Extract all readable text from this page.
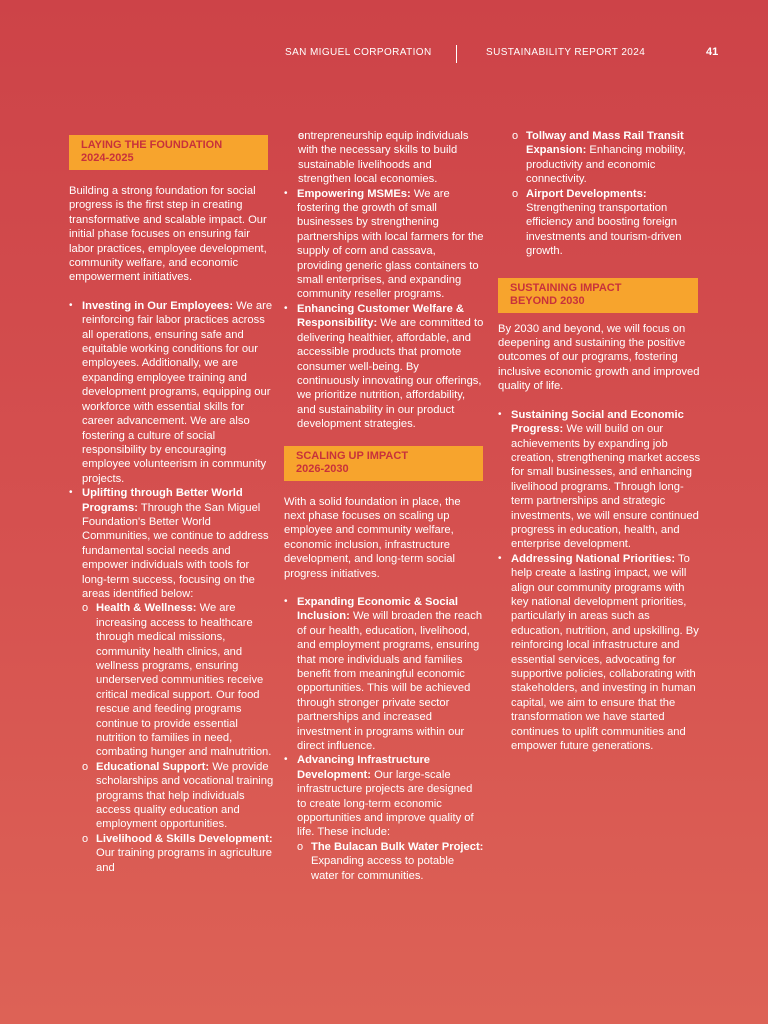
SAN MIGUEL CORPORATION	SUSTAINABILITY REPORT 2024	41
LAYING THE FOUNDATION
2024-2025

Building a strong foundation for social progress is the first step in creating transformative and scalable impact. Our initial phase focuses on ensuring fair labor practices, employee development, community welfare, and economic empowerment initiatives.

• Investing in Our Employees: We are reinforcing fair labor practices across all operations, ensuring safe and equitable working conditions for our employees. Additionally, we are expanding employee training and development programs, equipping our workforce with essential skills for career advancement. We are also fostering a culture of social responsibility by encouraging employee volunteerism in community projects.
• Uplifting through Better World Programs: Through the San Miguel Foundation's Better World Communities, we continue to address fundamental social needs and empower individuals with tools for long-term success, focusing on the areas identified below:
o Health & Wellness: We are increasing access to healthcare through medical missions, community health clinics, and wellness programs, ensuring underserved communities receive critical medical support. Our food rescue and feeding programs continue to provide essential nutrition to families in need, combating hunger and malnutrition.
o Educational Support: We provide scholarships and vocational training programs that help individuals access quality education and employment opportunities.
o Livelihood & Skills Development: Our training programs in agriculture and
o entrepreneurship equip individuals with the necessary skills to build sustainable livelihoods and strengthen local economies.
• Empowering MSMEs: We are fostering the growth of small businesses by strengthening partnerships with local farmers for the supply of corn and cassava, providing generic glass containers to small enterprises, and expanding community reseller programs.
• Enhancing Customer Welfare & Responsibility: We are committed to delivering healthier, affordable, and accessible products that promote consumer well-being. By continuously innovating our offerings, we prioritize nutrition, affordability, and sustainability in our product development strategies.
SCALING UP IMPACT
2026-2030

With a solid foundation in place, the next phase focuses on scaling up employee and community welfare, economic inclusion, infrastructure development, and long-term social progress initiatives.

• Expanding Economic & Social Inclusion: We will broaden the reach of our health, education, livelihood, and employment programs, ensuring that more individuals and families benefit from meaningful economic opportunities. This will be achieved through stronger private sector partnerships and increased investment in programs within our direct influence.
• Advancing Infrastructure Development: Our large-scale infrastructure projects are designed to create long-term economic opportunities and improve quality of life. These include:
o The Bulacan Bulk Water Project: Expanding access to potable water for communities.
o Tollway and Mass Rail Transit Expansion: Enhancing mobility, productivity and economic connectivity.
o Airport Developments: Strengthening transportation efficiency and boosting foreign investments and tourism-driven growth.
SUSTAINING IMPACT
BEYOND 2030

By 2030 and beyond, we will focus on deepening and sustaining the positive outcomes of our programs, fostering inclusive economic growth and improved quality of life.

• Sustaining Social and Economic Progress: We will build on our achievements by expanding job creation, strengthening market access for small businesses, and enhancing livelihood programs. Through long-term partnerships and strategic investments, we will ensure continued progress in education, health, and enterprise development.
• Addressing National Priorities: To help create a lasting impact, we will align our community programs with key national development priorities, particularly in areas such as education, nutrition, and upskilling. By reinforcing local infrastructure and essential services, advocating for supportive policies, collaborating with stakeholders, and investing in human capital, we aim to ensure that the transformation we have started continues to uplift communities and empower future generations.
